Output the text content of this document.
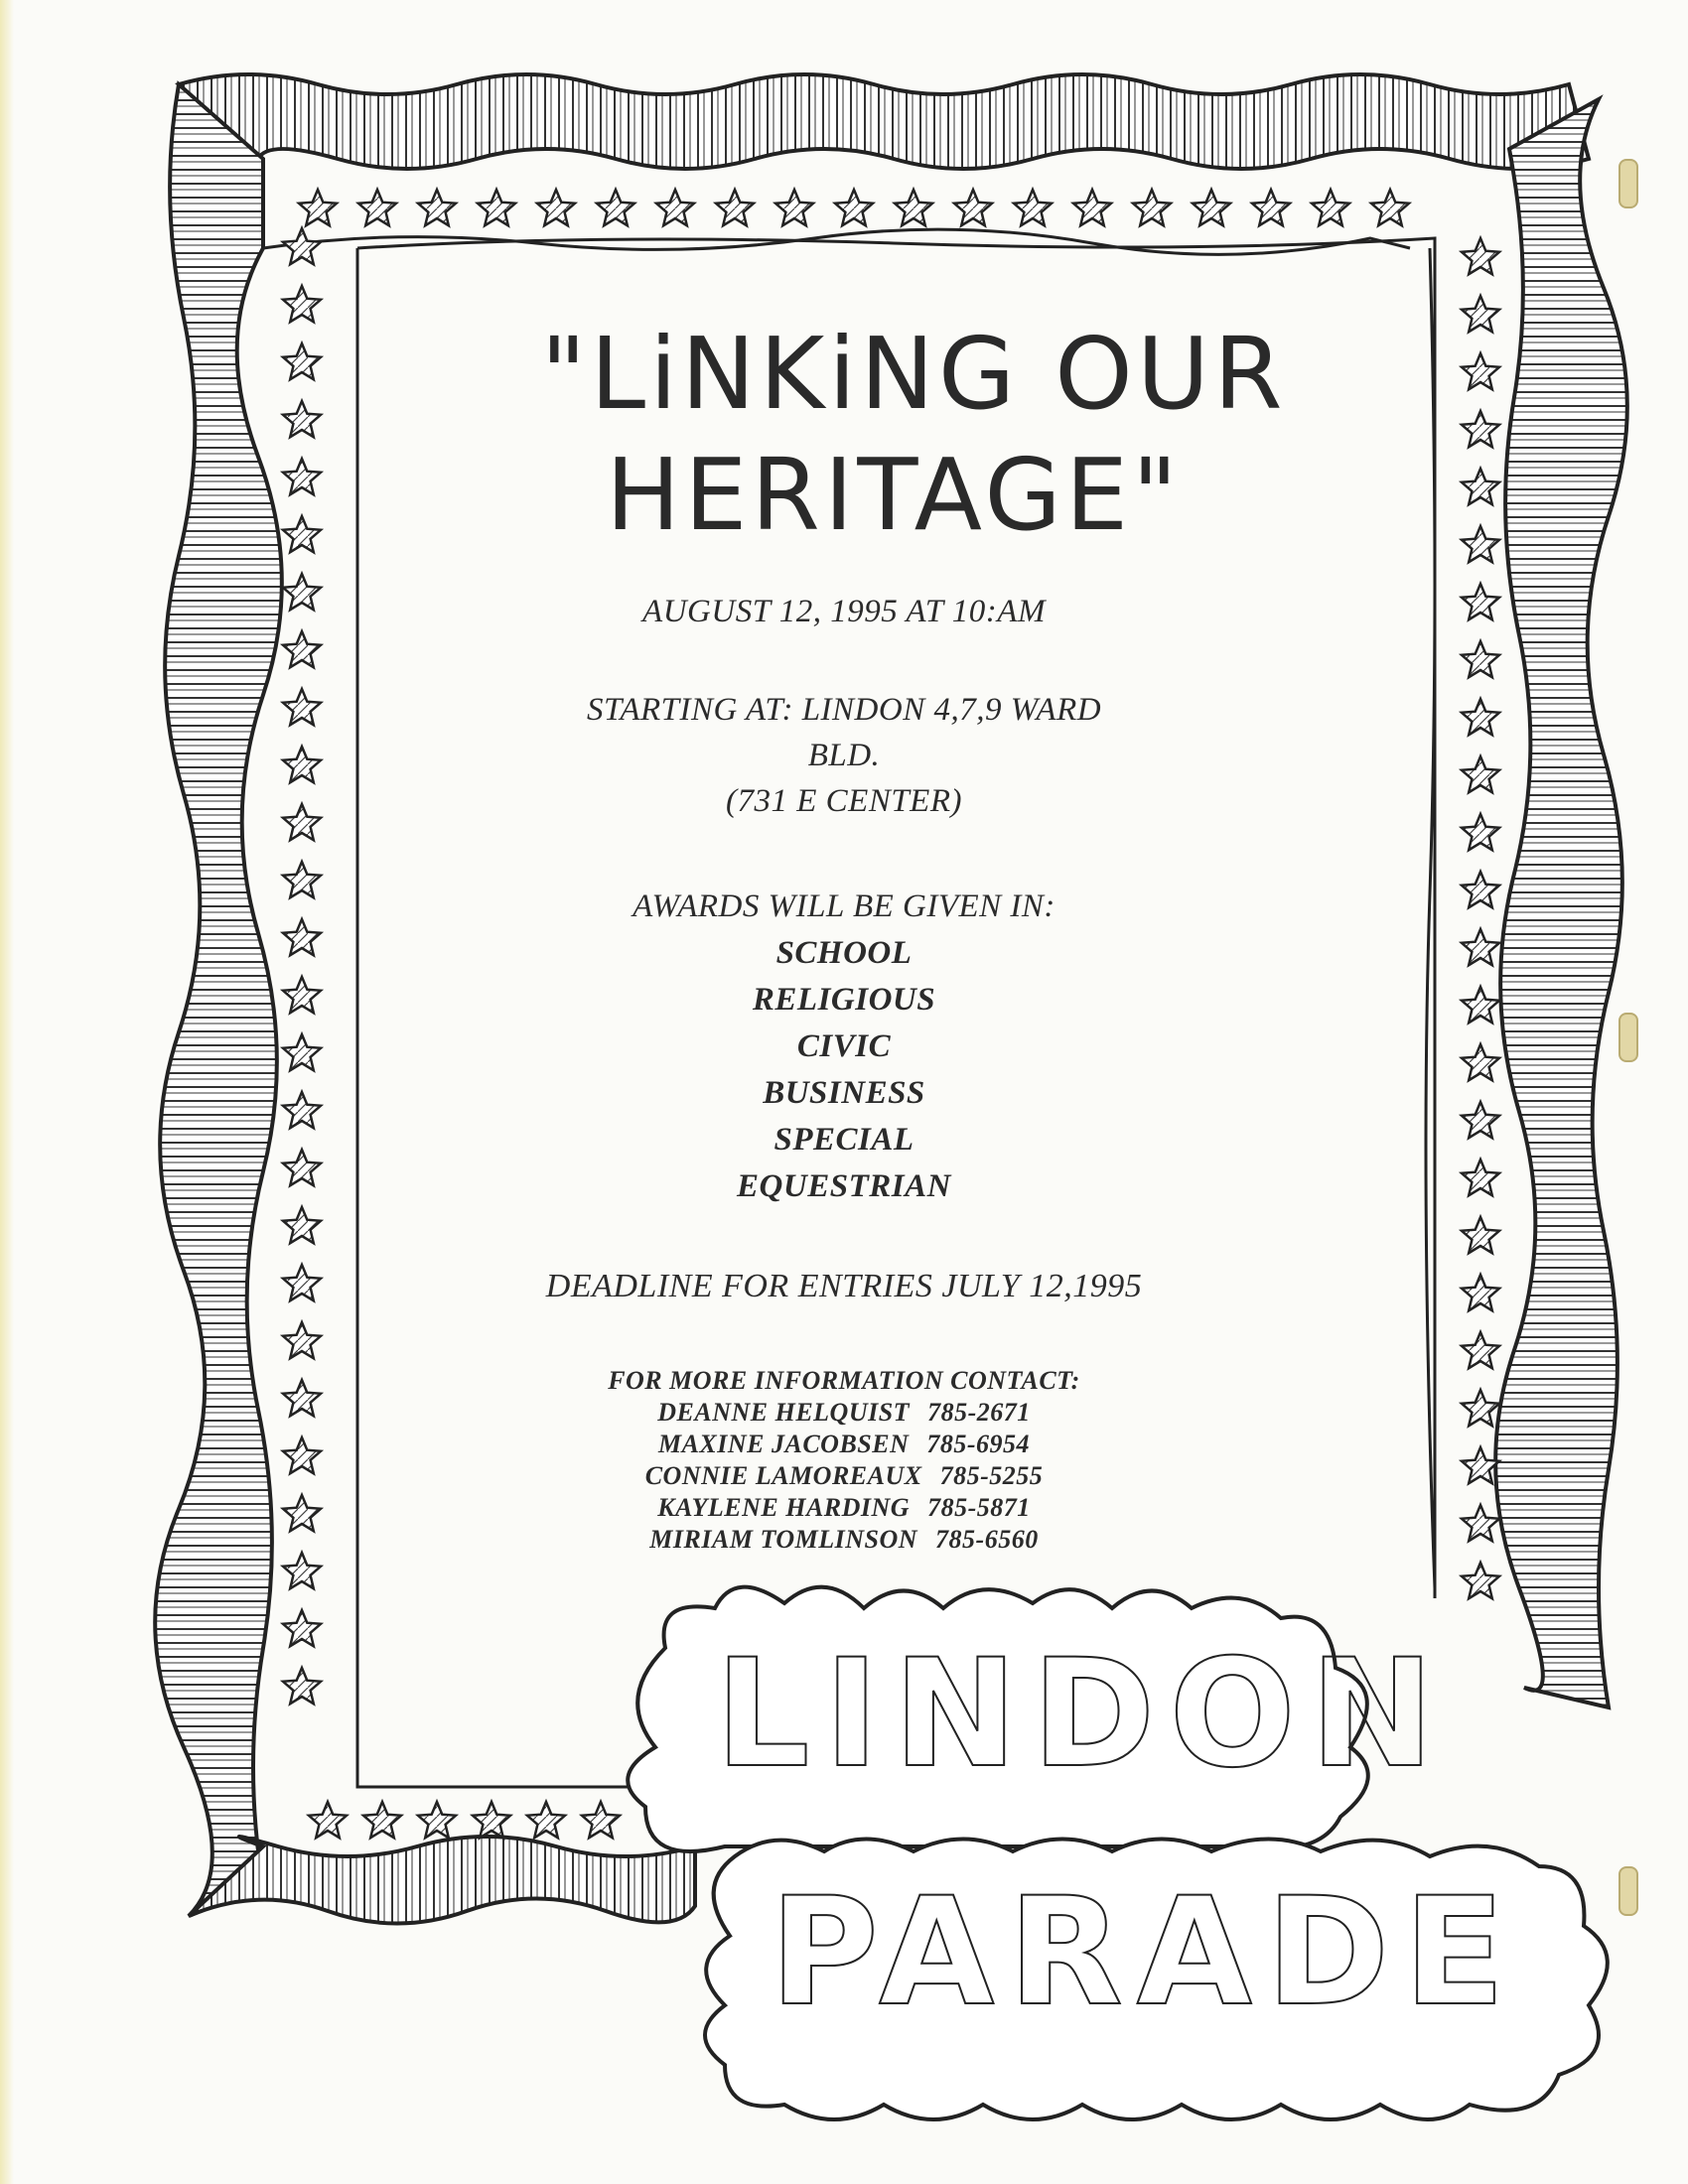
"LiNKiNG OUR
HERITAGE"
AUGUST 12, 1995 AT 10:AM
STARTING AT: LINDON 4,7,9 WARD
BLD.
(731 E CENTER)
AWARDS WILL BE GIVEN IN:
SCHOOL
RELIGIOUS
CIVIC
BUSINESS
SPECIAL
EQUESTRIAN
DEADLINE FOR ENTRIES JULY 12,1995
FOR MORE INFORMATION CONTACT:
DEANNE HELQUIST 785-2671
MAXINE JACOBSEN 785-6954
CONNIE LAMOREAUX 785-5255
KAYLENE HARDING 785-5871
MIRIAM TOMLINSON 785-6560
LINDON
PARADE
